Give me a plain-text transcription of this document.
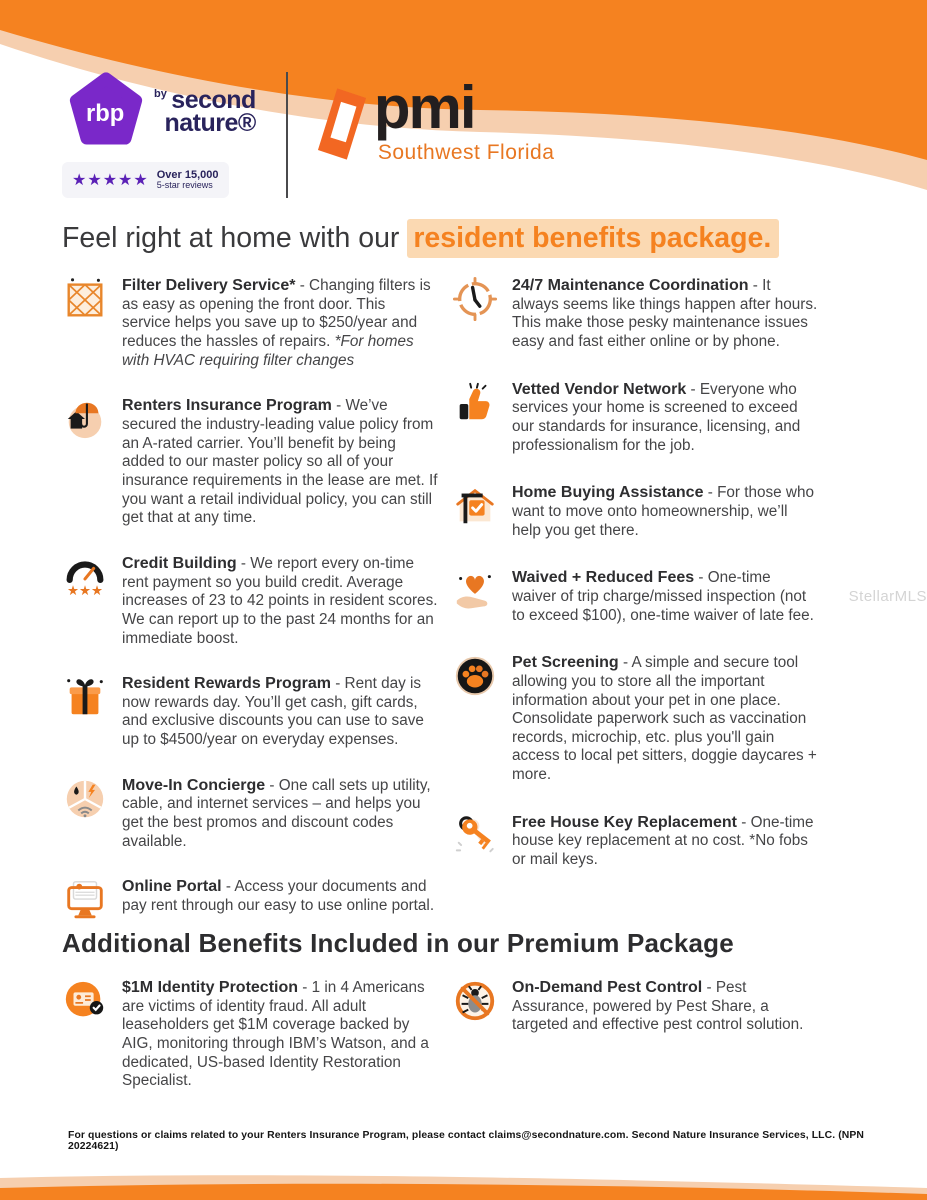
rbp
$^{by}$ second
nature®
★★★★★ Over 15,000
5-star reviews
pmi
Southwest Florida
Feel right at home with our resident benefits package.

Filter Delivery Service* - Changing filters is as easy as opening the front door. This service helps you save up to $250/year and reduces the hassles of repairs. *For homes with HVAC requiring filter changes

Renters Insurance Program - We’ve secured the industry-leading value policy from an A-rated carrier. You’ll benefit by being added to our master policy so all of your insurance requirements in the lease are met. If you want a retail individual policy, you can still get that at any time.

★★★

Credit Building - We report every on-time rent payment so you build credit. Average increases of 23 to 42 points in resident scores. We can report up to the past 24 months for an immediate boost.

Resident Rewards Program - Rent day is now rewards day. You’ll get cash, gift cards, and exclusive discounts you can use to save up to $4500/year on everyday expenses.

Move-In Concierge - One call sets up utility, cable, and internet services – and helps you get the best promos and discount codes available.

Online Portal - Access your documents and pay rent through our easy to use online portal.

24/7 Maintenance Coordination - It always seems like things happen after hours. This make those pesky maintenance issues easy and fast either online or by phone.

Vetted Vendor Network - Everyone who services your home is screened to exceed our standards for insurance, licensing, and professionalism for the job.

Home Buying Assistance - For those who want to move onto homeownership, we’ll help you get there.

Waived + Reduced Fees - One-time waiver of trip charge/missed inspection (not to exceed $100), one-time waiver of late fee.

Pet Screening - A simple and secure tool allowing you to store all the important information about your pet in one place. Consolidate paperwork such as vaccination records, microchip, etc. plus you'll gain access to local pet sitters, doggie daycares + more.

Free House Key Replacement - One-time house key replacement at no cost. *No fobs or mail keys.

Additional Benefits Included in our Premium Package

$1M Identity Protection - 1 in 4 Americans are victims of identity fraud. All adult leaseholders get $1M coverage backed by AIG, monitoring through IBM’s Watson, and a dedicated, US-based Identity Restoration Specialist.

On-Demand Pest Control - Pest Assurance, powered by Pest Share, a targeted and effective pest control solution.

StellarMLS
For questions or claims related to your Renters Insurance Program, please contact claims@secondnature.com. Second Nature Insurance Services, LLC. (NPN 20224621)
